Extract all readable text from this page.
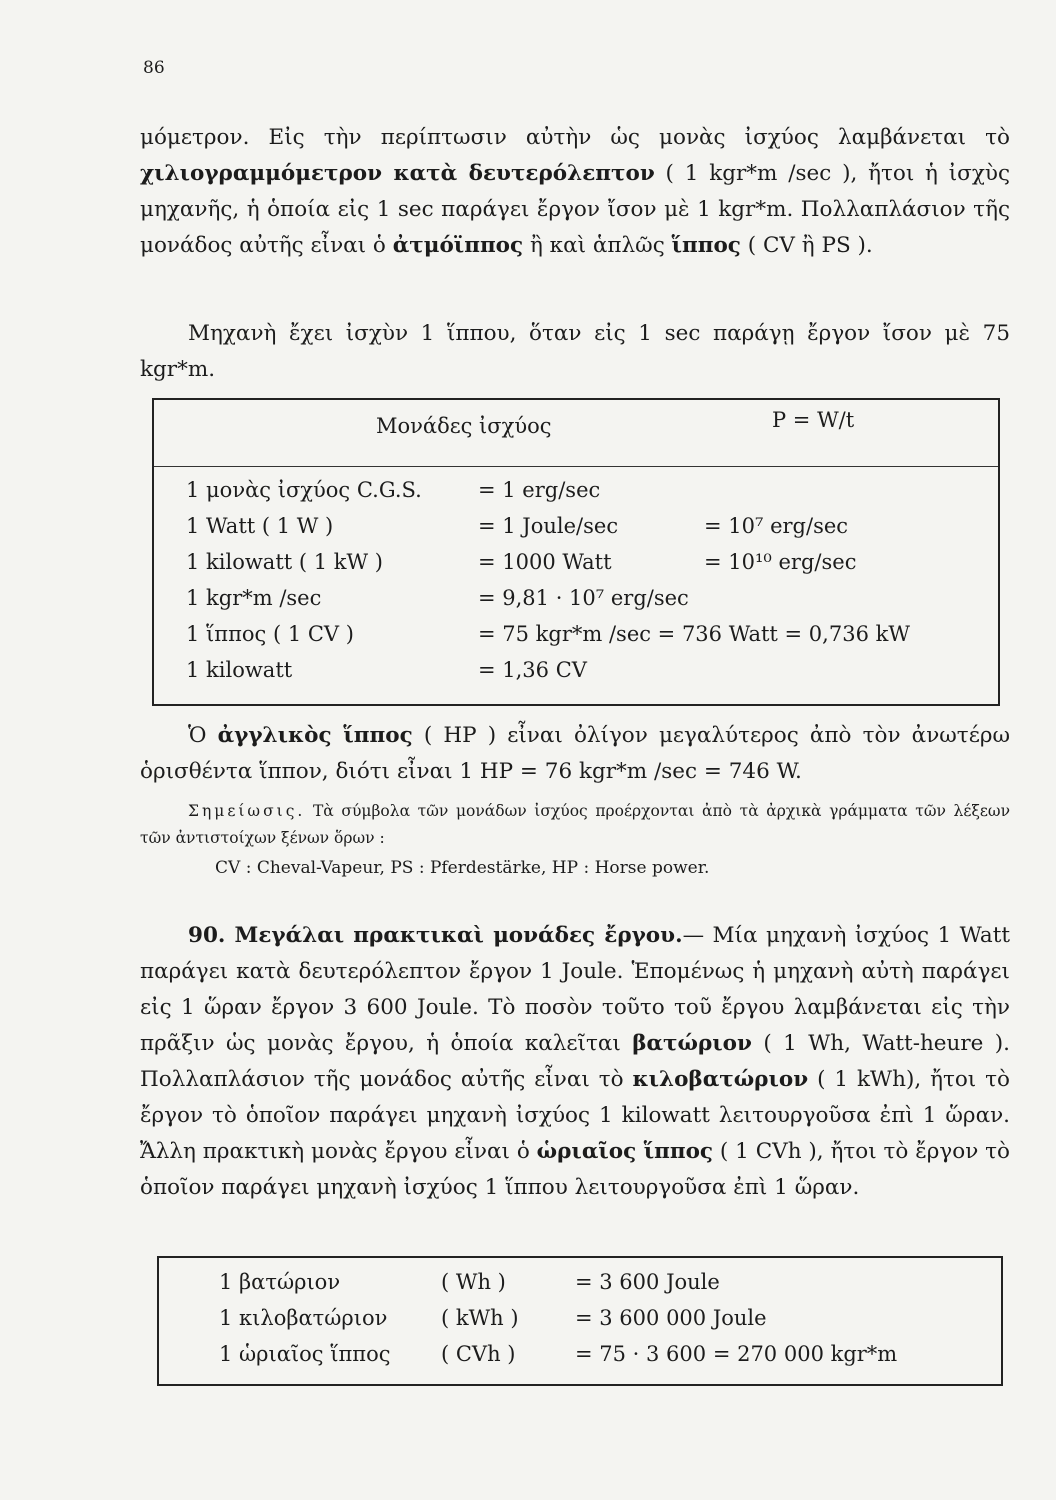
86
μόμετρον. Εἰς τὴν περίπτωσιν αὐτὴν ὡς μονὰς ἰσχύος λαμβάνεται τὸ χιλιογραμμόμετρον κατὰ δευτερόλεπτον ( 1 kgr*m /sec ), ἤτοι ἡ ἰσχὺς μηχανῆς, ἡ ὁποία εἰς 1 sec παράγει ἔργον ἴσον μὲ 1 kgr*m. Πολλαπλάσιον τῆς μονάδος αὐτῆς εἶναι ὁ ἀτμόϊππος ἢ καὶ ἁπλῶς ἵππος ( CV ἢ PS ).
Μηχανὴ ἔχει ἰσχὺν 1 ἵππου, ὅταν εἰς 1 sec παράγῃ ἔργον ἴσον μὲ 75 kgr*m.
Μονάδες ἰσχύος	P = W/t
1 μονὰς ἰσχύος C.G.S.	= 1 erg/sec
1 Watt ( 1 W )	= 1 Joule/sec	= 10⁷ erg/sec
1 kilowatt ( 1 kW )	= 1000 Watt	= 10¹⁰ erg/sec
1 kgr*m /sec	= 9,81 · 10⁷ erg/sec
1 ἵππος ( 1 CV )	= 75 kgr*m /sec = 736 Watt = 0,736 kW
1 kilowatt	= 1,36 CV
Ὁ ἀγγλικὸς ἵππος ( HP ) εἶναι ὀλίγον μεγαλύτερος ἀπὸ τὸν ἀνωτέρω ὁρισθέντα ἵππον, διότι εἶναι 1 HP = 76 kgr*m /sec = 746 W.
Σημείωσις. Τὰ σύμβολα τῶν μονάδων ἰσχύος προέρχονται ἀπὸ τὰ ἀρχικὰ γράμματα τῶν λέξεων τῶν ἀντιστοίχων ξένων ὅρων :
CV : Cheval-Vapeur, PS : Pferdestärke, HP : Horse power.
90. Μεγάλαι πρακτικαὶ μονάδες ἔργου.— Μία μηχανὴ ἰσχύος 1 Watt παράγει κατὰ δευτερόλεπτον ἔργον 1 Joule. Ἑπομένως ἡ μηχανὴ αὐτὴ παράγει εἰς 1 ὥραν ἔργον 3 600 Joule. Τὸ ποσὸν τοῦτο τοῦ ἔργου λαμβάνεται εἰς τὴν πρᾶξιν ὡς μονὰς ἔργου, ἡ ὁποία καλεῖται βατώριον ( 1 Wh, Watt-heure ). Πολλαπλάσιον τῆς μονάδος αὐτῆς εἶναι τὸ κιλοβατώριον ( 1 kWh), ἤτοι τὸ ἔργον τὸ ὁποῖον παράγει μηχανὴ ἰσχύος 1 kilowatt λειτουργοῦσα ἐπὶ 1 ὥραν. Ἄλλη πρακτικὴ μονὰς ἔργου εἶναι ὁ ὡριαῖος ἵππος ( 1 CVh ), ἤτοι τὸ ἔργον τὸ ὁποῖον παράγει μηχανὴ ἰσχύος 1 ἵππου λειτουργοῦσα ἐπὶ 1 ὥραν.
1 βατώριον	( Wh )	= 3 600 Joule
1 κιλοβατώριον	( kWh )	= 3 600 000 Joule
1 ὡριαῖος ἵππος ( CVh )	= 75 · 3 600 = 270 000 kgr*m
